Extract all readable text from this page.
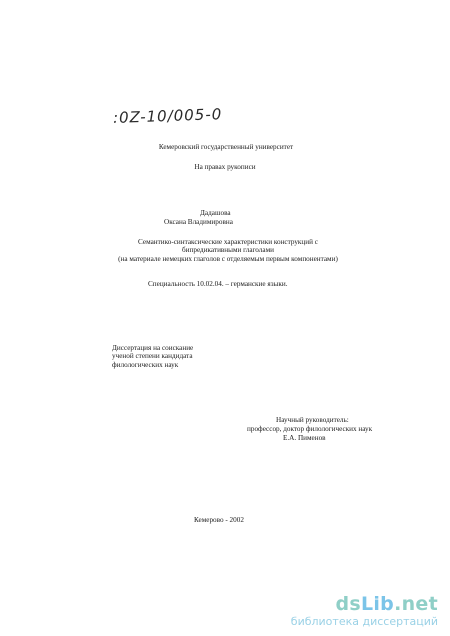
:0Z-10/005-0
Кемеровский государственный университет
На правах рукописи
Дадашова
Оксана Владимировна
Семантико-синтаксические характеристики конструкций с
бипредикативными глаголами
(на материале немецких глаголов с отделяемым первым компонентами)
Специальность 10.02.04. – германские языки.
Диссертация на соискание
ученой степени кандидата
филологических наук
Научный руководитель:
профессор, доктор филологических наук
Е.А. Пименов
Кемерово - 2002
dsLib.net
библиотека диссертаций
